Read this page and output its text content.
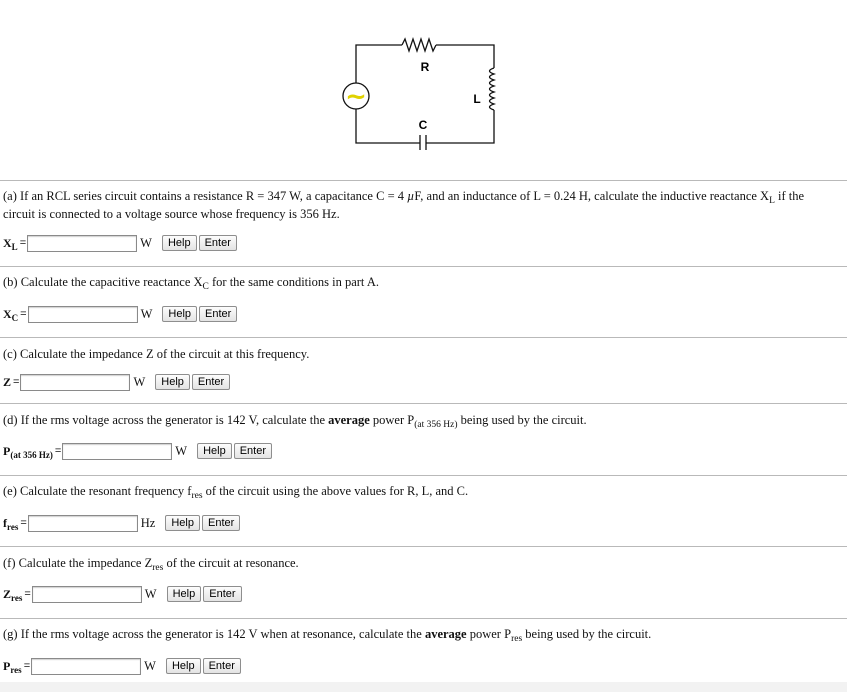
~
R
L
C
(a) If an RCL series circuit contains a resistance R = 347 W, a capacitance C = 4 µF, and an inductance of L = 0.24 H, calculate the inductive reactance $X_L$ if the circuit is connected to a voltage source whose frequency is 356 Hz.
$X_L$ =	W	Help	Enter
(b) Calculate the capacitive reactance $X_C$ for the same conditions in part A.
$X_C$ =	W	Help	Enter
(c) Calculate the impedance Z of the circuit at this frequency.
Z =	W	Help	Enter
(d) If the rms voltage across the generator is 142 V, calculate the average power $P_{(at 356 Hz)}$ being used by the circuit.
$P_{(at 356 Hz)}$ =	W	Help	Enter
(e) Calculate the resonant frequency $f_{res}$ of the circuit using the above values for R, L, and C.
$f_{res}$ =	Hz	Help	Enter
(f) Calculate the impedance $Z_{res}$ of the circuit at resonance.
$Z_{res}$ =	W	Help	Enter
(g) If the rms voltage across the generator is 142 V when at resonance, calculate the average power $P_{res}$ being used by the circuit.
$P_{res}$ =	W	Help	Enter
